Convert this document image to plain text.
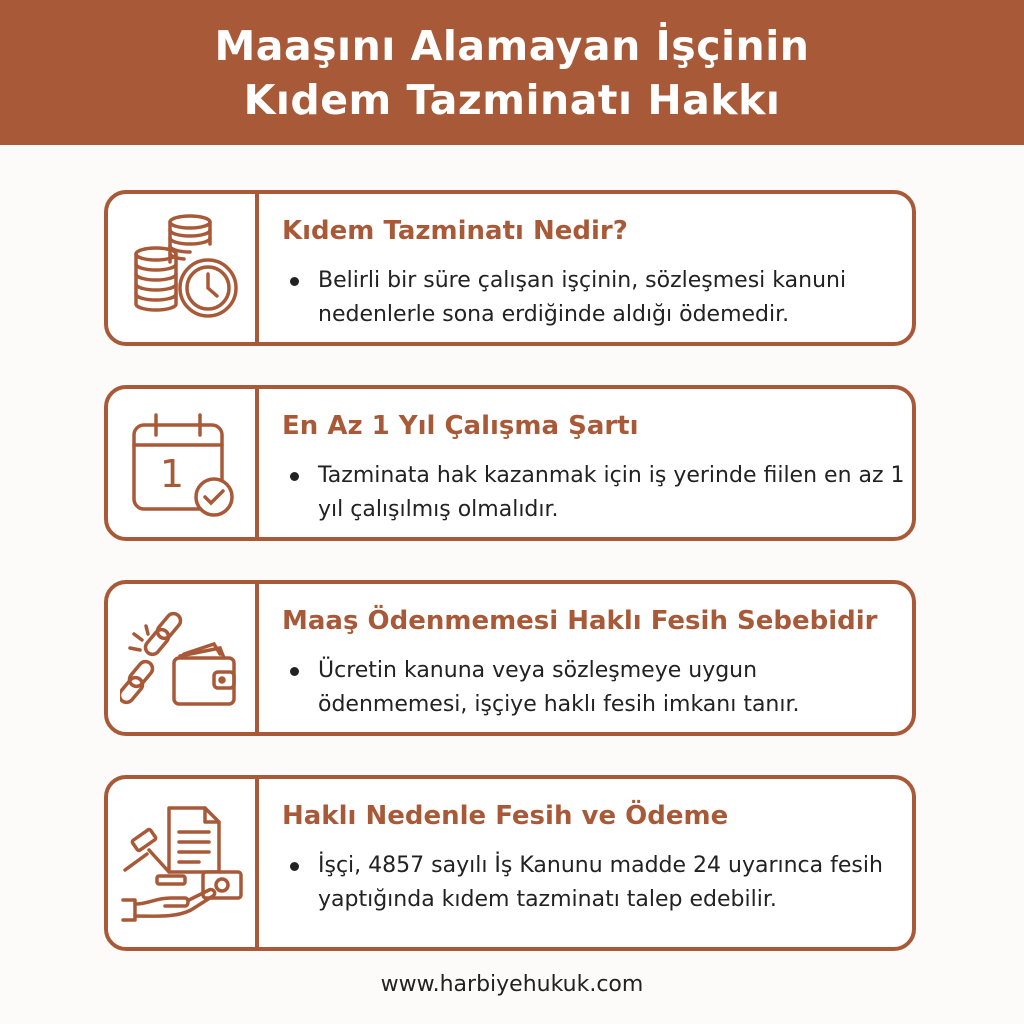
Maaşını Alamayan İşçinin
Kıdem Tazminatı Hakkı
Kıdem Tazminatı Nedir?
Belirli bir süre çalışan işçinin, sözleşmesi kanuni nedenlerle sona erdiğinde aldığı ödemedir.
1
En Az 1 Yıl Çalışma Şartı
Tazminata hak kazanmak için iş yerinde fiilen en az 1 yıl çalışılmış olmalıdır.
Maaş Ödenmemesi Haklı Fesih Sebebidir
Ücretin kanuna veya sözleşmeye uygun ödenmemesi, işçiye haklı fesih imkanı tanır.
Haklı Nedenle Fesih ve Ödeme
İşçi, 4857 sayılı İş Kanunu madde 24 uyarınca fesih yaptığında kıdem tazminatı talep edebilir.
www.harbiyehukuk.com
